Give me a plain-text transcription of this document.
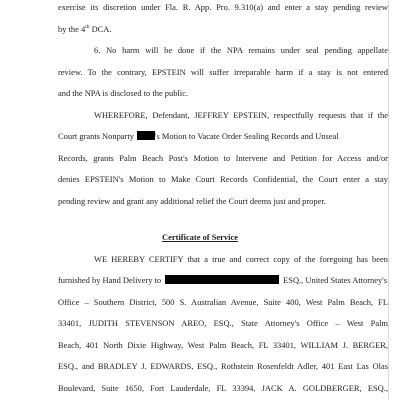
exercise its discretion under Fla. R. App. Pro. 9.310(a) and enter a stay pending review

by the 4th DCA.

6. No harm will be done if the NPA remains under seal pending appellate

review. To the contrary, EPSTEIN will suffer irreparable harm if a stay is not entered

and the NPA is disclosed to the public.

WHEREFORE, Defendant, JEFFREY EPSTEIN, respectfully requests that if the

Court grants Nonparty 's Motion to Vacate Order Sealing Records and Unseal

Records, grants Palm Beach Post's Motion to Intervene and Petition for Access and/or

denies EPSTEIN's Motion to Make Court Records Confidential, the Court enter a stay

pending review and grant any additional relief the Court deems just and proper.

Certificate of Service

WE HEREBY CERTIFY that a true and correct copy of the foregoing has been

furnished by Hand Delivery to	ESQ., United States Attorney's

Office – Southern District, 500 S. Australian Avenue, Suite 400, West Palm Beach, FL

33401, JUDITH STEVENSON AREO, ESQ., State Attorney's Office – West Palm

Beach, 401 North Dixie Highway, West Palm Beach, FL 33401, WILLIAM J. BERGER,

ESQ., and BRADLEY J. EDWARDS, ESQ., Rothstein Rosenfeldt Adler, 401 East Las Olas

Boulevard, Suite 1650, Fort Lauderdale, FL 33394, JACK A. GOLDBERGER, ESQ.,
